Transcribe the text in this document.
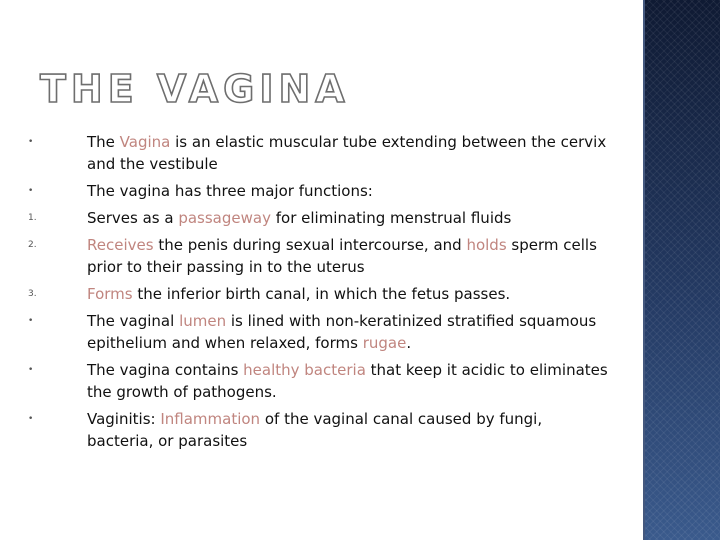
THE VAGINA
•	The Vagina is an elastic muscular tube extending between the cervix and the vestibule
•	The vagina has three major functions:
1.	Serves as a passageway for eliminating menstrual fluids
2.	Receives the penis during sexual intercourse, and holds sperm cells prior to their passing in to the uterus
3.	Forms the inferior birth canal, in which the fetus passes.
•	The vaginal lumen is lined with non-keratinized stratified squamous epithelium and when relaxed, forms rugae.
•	The vagina contains healthy bacteria that keep it acidic to eliminates the growth of pathogens.
•	Vaginitis: Inflammation of the vaginal canal caused by fungi, bacteria, or parasites
